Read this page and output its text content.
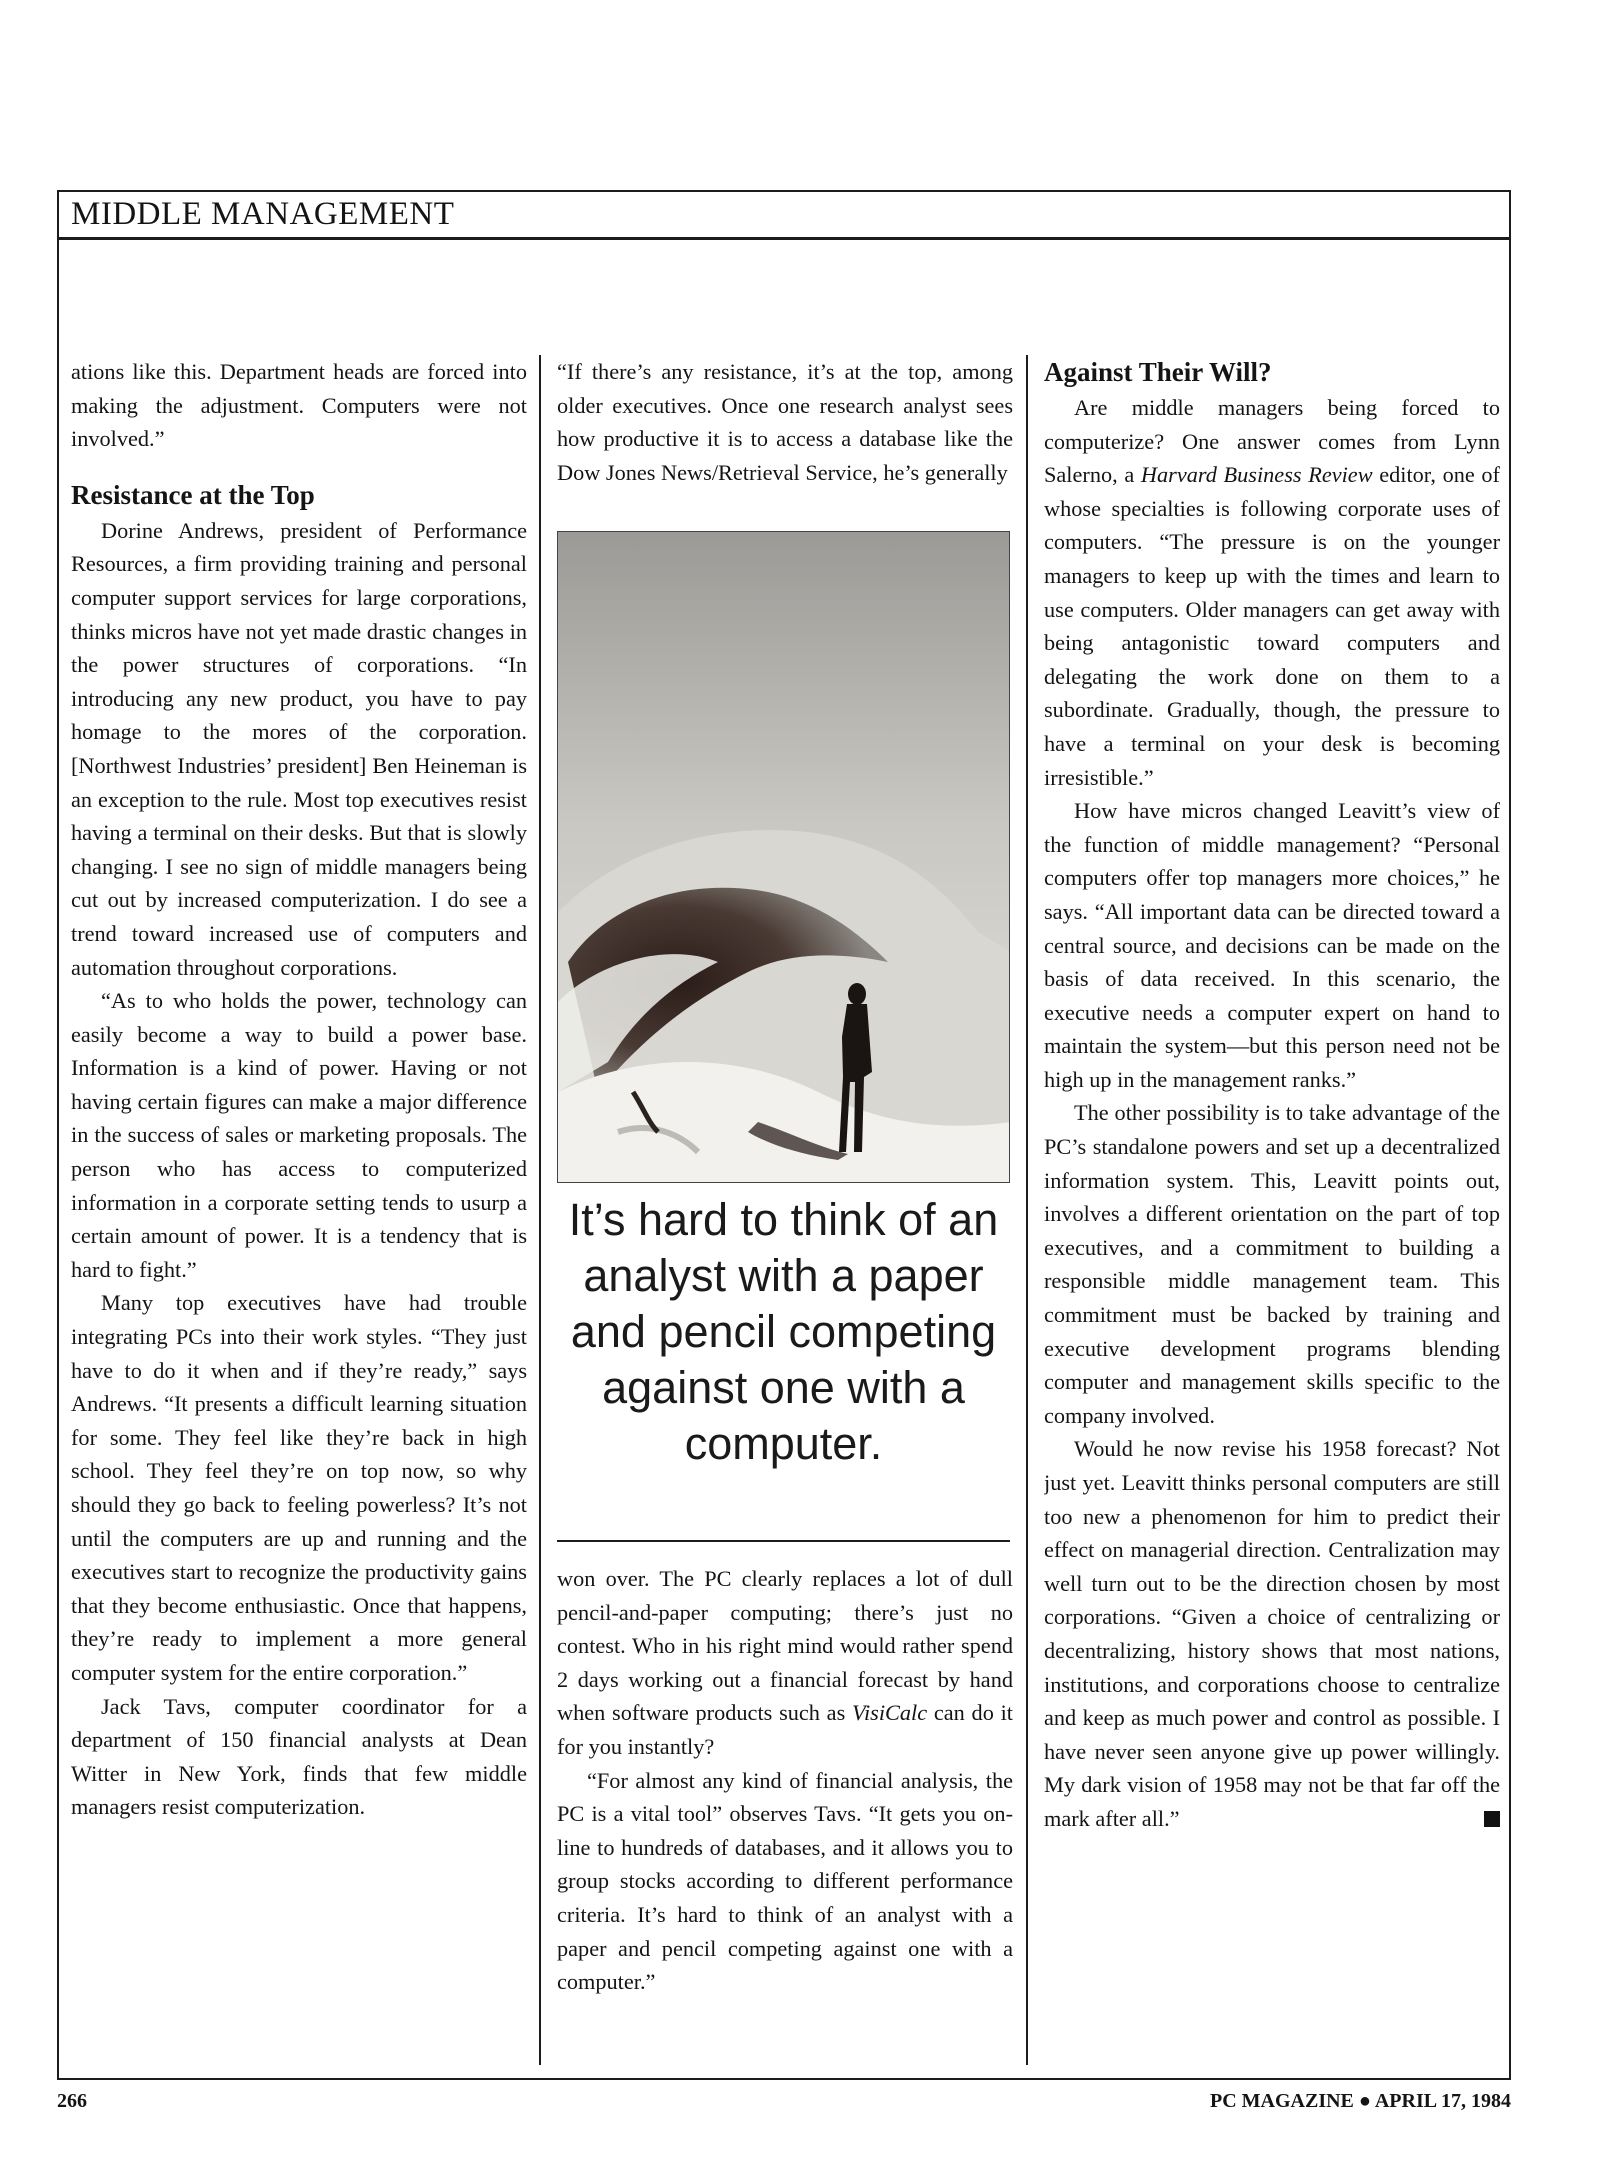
MIDDLE MANAGEMENT

ations like this. Department heads are forced into making the adjustment. Computers were not involved.”

Resistance at the Top

Dorine Andrews, president of Performance Resources, a firm providing training and personal computer support services for large corporations, thinks micros have not yet made drastic changes in the power structures of corporations. “In introducing any new product, you have to pay homage to the mores of the corporation. [Northwest Industries’ president] Ben Heineman is an exception to the rule. Most top executives resist having a terminal on their desks. But that is slowly changing. I see no sign of middle managers being cut out by increased computerization. I do see a trend toward increased use of computers and automation throughout corporations.

“As to who holds the power, technology can easily become a way to build a power base. Information is a kind of power. Having or not having certain figures can make a major difference in the success of sales or marketing proposals. The person who has access to computerized information in a corporate setting tends to usurp a certain amount of power. It is a tendency that is hard to fight.”

Many top executives have had trouble integrating PCs into their work styles. “They just have to do it when and if they’re ready,” says Andrews. “It presents a difficult learning situation for some. They feel like they’re back in high school. They feel they’re on top now, so why should they go back to feeling powerless? It’s not until the computers are up and running and the executives start to recognize the productivity gains that they become enthusiastic. Once that happens, they’re ready to implement a more general computer system for the entire corporation.”

Jack Tavs, computer coordinator for a department of 150 financial analysts at Dean Witter in New York, finds that few middle managers resist computerization.

“If there’s any resistance, it’s at the top, among older executives. Once one research analyst sees how productive it is to access a database like the Dow Jones News/Retrieval Service, he’s generally

It’s hard to think of an analyst with a paper and pencil competing against one with a computer.

won over. The PC clearly replaces a lot of dull pencil-and-paper computing; there’s just no contest. Who in his right mind would rather spend 2 days working out a financial forecast by hand when software products such as VisiCalc can do it for you instantly?

“For almost any kind of financial analysis, the PC is a vital tool” observes Tavs. “It gets you on-line to hundreds of databases, and it allows you to group stocks according to different performance criteria. It’s hard to think of an analyst with a paper and pencil competing against one with a computer.”

Against Their Will?

Are middle managers being forced to computerize? One answer comes from Lynn Salerno, a Harvard Business Review editor, one of whose specialties is following corporate uses of computers. “The pressure is on the younger managers to keep up with the times and learn to use computers. Older managers can get away with being antagonistic toward computers and delegating the work done on them to a subordinate. Gradually, though, the pressure to have a terminal on your desk is becoming irresistible.”

How have micros changed Leavitt’s view of the function of middle management? “Personal computers offer top managers more choices,” he says. “All important data can be directed toward a central source, and decisions can be made on the basis of data received. In this scenario, the executive needs a computer expert on hand to maintain the system—but this person need not be high up in the management ranks.”

The other possibility is to take advantage of the PC’s standalone powers and set up a decentralized information system. This, Leavitt points out, involves a different orientation on the part of top executives, and a commitment to building a responsible middle management team. This commitment must be backed by training and executive development programs blending computer and management skills specific to the company involved.

Would he now revise his 1958 forecast? Not just yet. Leavitt thinks personal computers are still too new a phenomenon for him to predict their effect on managerial direction. Centralization may well turn out to be the direction chosen by most corporations. “Given a choice of centralizing or decentralizing, history shows that most nations, institutions, and corporations choose to centralize and keep as much power and control as possible. I have never seen anyone give up power willingly. My dark vision of 1958 may not be that far off the mark after all.”

266	PC MAGAZINE ● APRIL 17, 1984
